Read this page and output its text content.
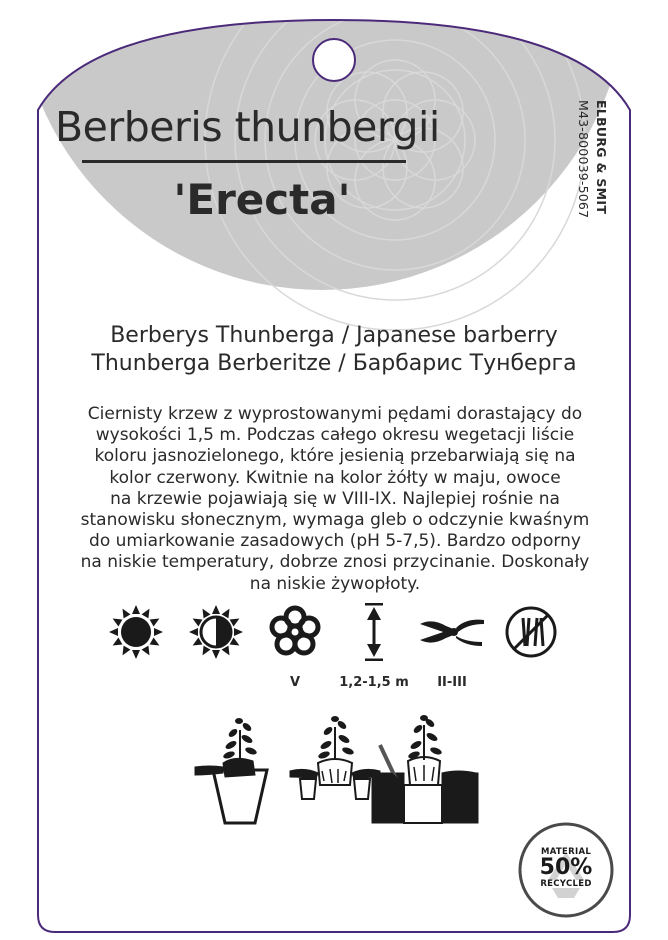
Berberis thunbergii
'Erecta'	ELBURG & SMIT
M43-800039-5067
Berberys Thunberga / Japanese barberry
Thunberga Berberitze / Барбарис Тунберга
Ciernisty krzew z wyprostowanymi pędami dorastający do
wysokości 1,5 m. Podczas całego okresu wegetacji liście
koloru jasnozielonego, które jesienią przebarwiają się na
kolor czerwony. Kwitnie na kolor żółty w maju, owoce
na krzewie pojawiają się w VIII-IX. Najlepiej rośnie na
stanowisku słonecznym, wymaga gleb o odczynie kwaśnym
do umiarkowanie zasadowych (pH 5-7,5). Bardzo odporny
na niskie temperatury, dobrze znosi przycinanie. Doskonały
na niskie żywopłoty.
V	1,2-1,5 m	II-III
MATERIAL
50%
RECYCLED
